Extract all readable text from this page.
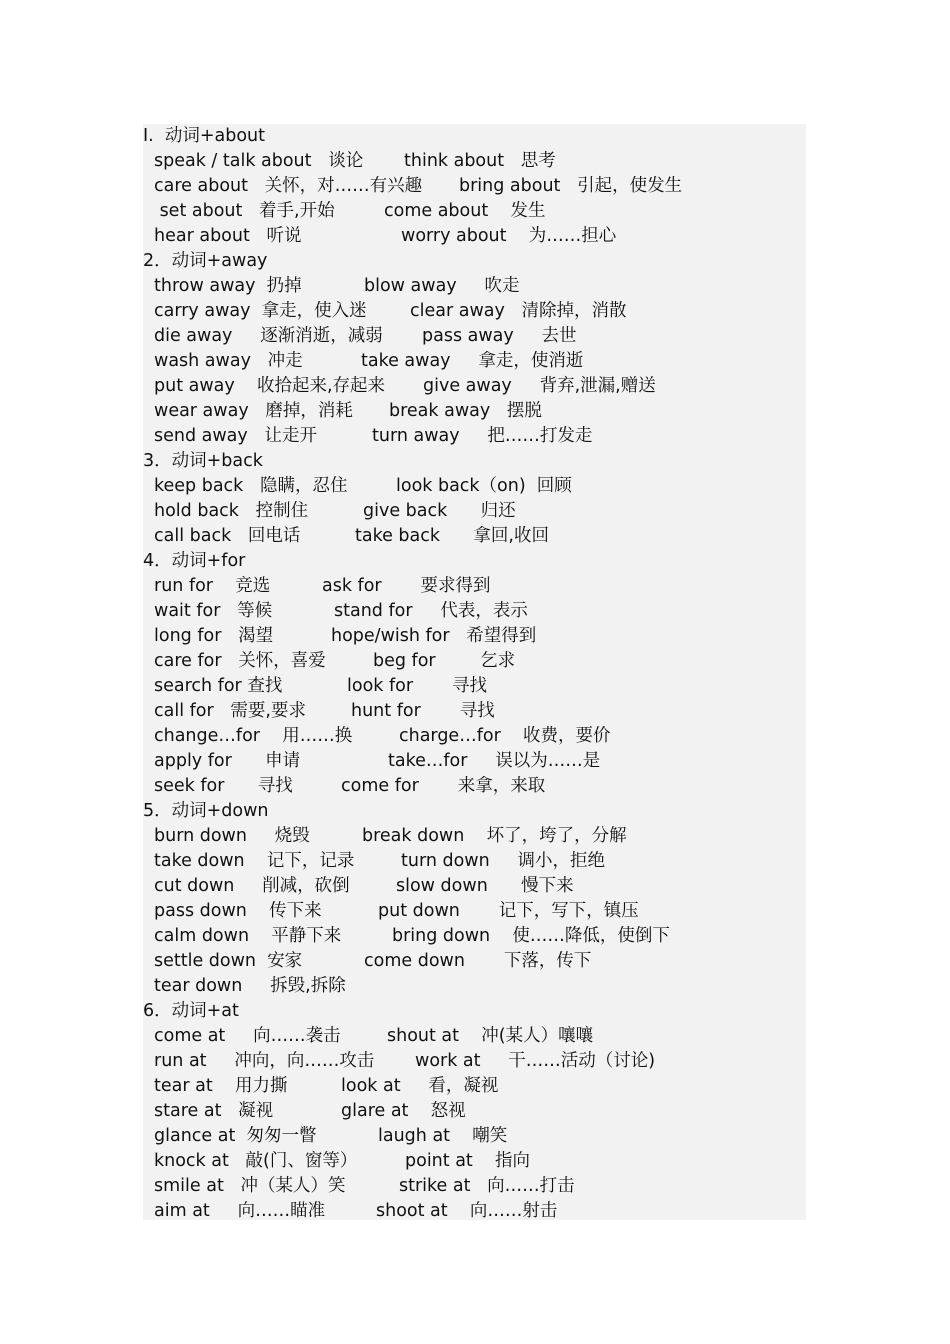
I.  动词+about
speak / talk about   谈论 think about   思考
care about   关怀，对……有兴趣 bring about   引起，使发生
set about   着手,开始	come about    发生
hear about   听说	worry about    为……担心
2．动词+away
throw away  扔掉	blow away     吹走
carry away  拿走，使入迷 clear away   清除掉，消散
die away     逐渐消逝，减弱 pass away     去世
wash away   冲走	take away     拿走，使消逝
put away    收拾起来,存起来 give away     背弃,泄漏,赠送
wear away   磨掉，消耗 break away   摆脱
send away   让走开	turn away     把……打发走
3．动词+back
keep back   隐瞒，忍住	look back（on)  回顾
hold back   控制住	give back      归还
call back   回电话	take back      拿回,收回
4．动词+for
run for    竞选	ask for       要求得到
wait for   等候	stand for     代表，表示
long for   渴望	hope/wish for   希望得到
care for   关怀，喜爱	beg for        乞求
search for 查找	look for       寻找
call for   需要,要求	hunt for       寻找
change…for    用……换	charge…for    收费，要价
apply for      申请	take…for     误以为……是
seek for      寻找	come for       来拿，来取
5．动词+down
burn down     烧毁	break down    坏了，垮了，分解
take down    记下，记录	turn down     调小，拒绝
cut down     削减，砍倒	slow down      慢下来
pass down    传下来	put down       记下，写下，镇压
calm down    平静下来	bring down    使……降低，使倒下
settle down  安家	come down       下落，传下
tear down     拆毁,拆除
6．动词+at
come at     向……袭击	shout at    冲(某人）嚷嚷
run at     冲向，向……攻击 work at     干……活动（讨论)
tear at    用力撕	look at     看，凝视
stare at   凝视	glare at    怒视
glance at  匆匆一瞥	laugh at    嘲笑
knock at   敲(门、窗等）	point at    指向
smile at   冲（某人）笑	strike at   向……打击
aim at     向……瞄准	shoot at    向……射击
